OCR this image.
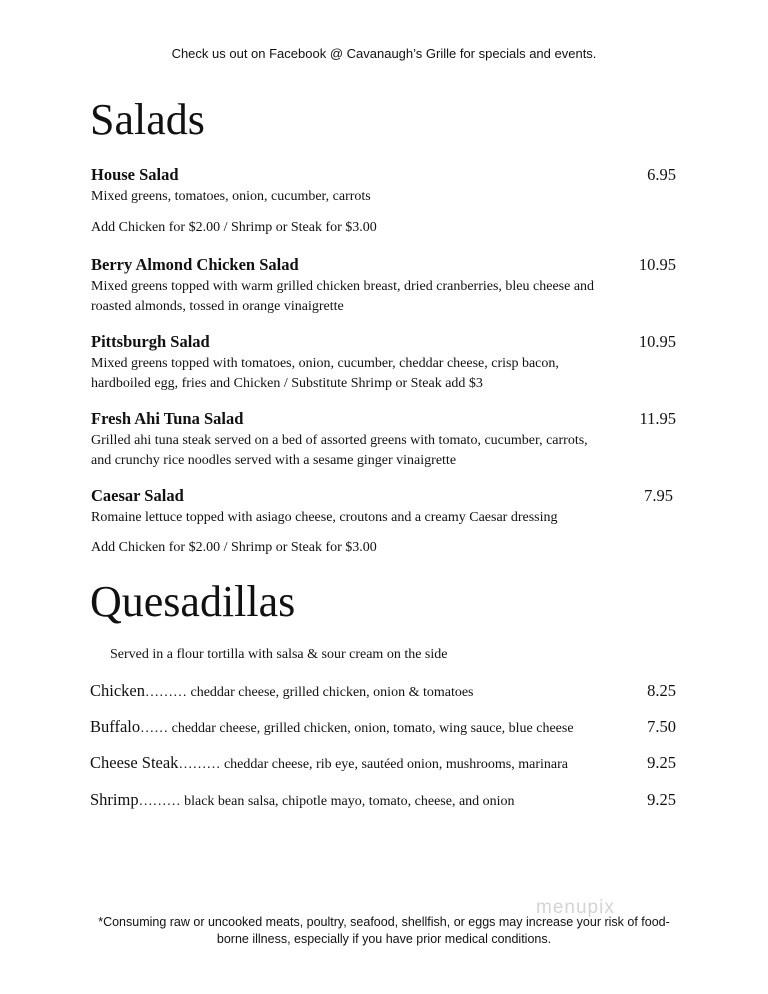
Check us out on Facebook @ Cavanaugh’s Grille for specials and events.
Salads
House Salad	6.95
Mixed greens, tomatoes, onion, cucumber, carrots
Add Chicken for $2.00 / Shrimp or Steak for $3.00
Berry Almond Chicken Salad	10.95
Mixed greens topped with warm grilled chicken breast, dried cranberries, bleu cheese and
roasted almonds, tossed in orange vinaigrette
Pittsburgh Salad	10.95
Mixed greens topped with tomatoes, onion, cucumber, cheddar cheese, crisp bacon,
hardboiled egg, fries and Chicken / Substitute Shrimp or Steak add $3
Fresh Ahi Tuna Salad	11.95
Grilled ahi tuna steak served on a bed of assorted greens with tomato, cucumber, carrots,
and crunchy rice noodles served with a sesame ginger vinaigrette
Caesar Salad	7.95
Romaine lettuce topped with asiago cheese, croutons and a creamy Caesar dressing
Add Chicken for $2.00 / Shrimp or Steak for $3.00
Quesadillas
Served in a flour tortilla with salsa & sour cream on the side
Chicken……… cheddar cheese, grilled chicken, onion & tomatoes	8.25
Buffalo…… cheddar cheese, grilled chicken, onion, tomato, wing sauce, blue cheese	7.50
Cheese Steak……… cheddar cheese, rib eye, sautéed onion, mushrooms, marinara	9.25
Shrimp……… black bean salsa, chipotle mayo, tomato, cheese, and onion	9.25
menupix
*Consuming raw or uncooked meats, poultry, seafood, shellfish, or eggs may increase your risk of food-
borne illness, especially if you have prior medical conditions.
